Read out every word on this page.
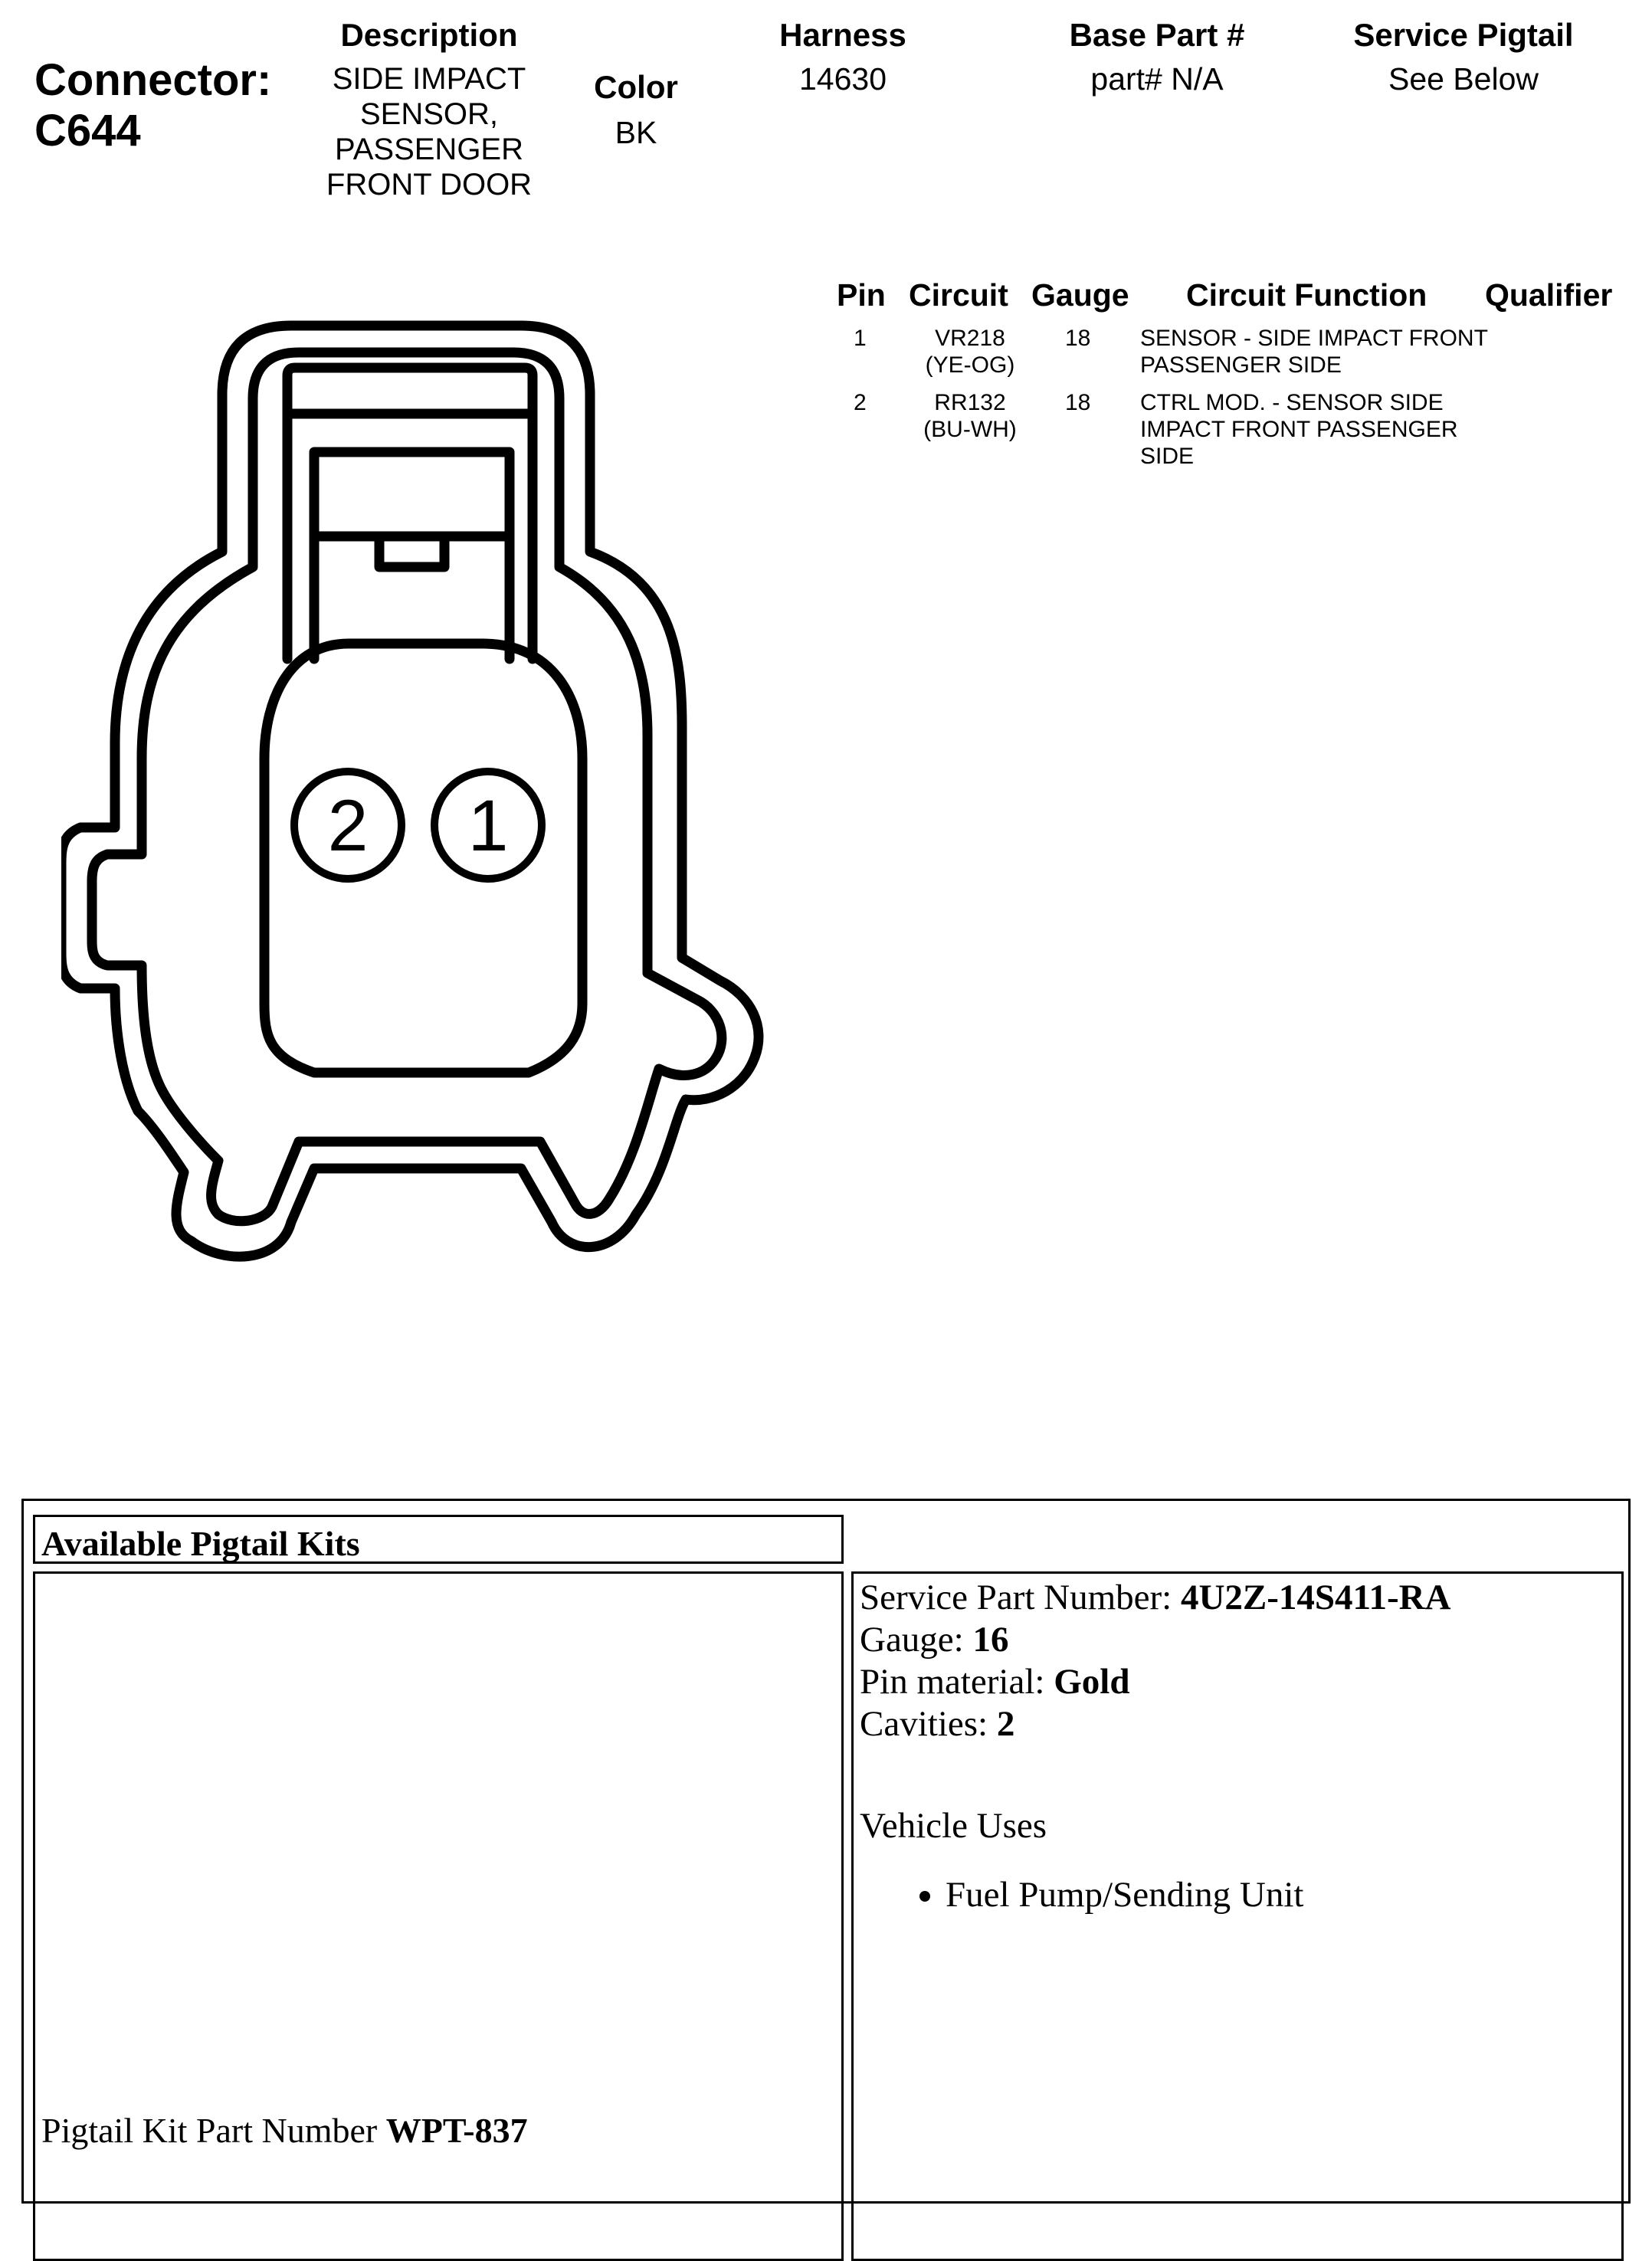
Connector:
C644
Description
SIDE IMPACT
SENSOR,
PASSENGER
FRONT DOOR
Color
BK
Harness
14630
Base Part #
part# N/A
Service Pigtail
See Below
2 1
Pin Circuit Gauge Circuit Function Qualifier
1	VR218
(YE-OG)
18 SENSOR - SIDE IMPACT FRONT PASSENGER SIDE
2	RR132
(BU-WH)
18 CTRL MOD. - SENSOR SIDE IMPACT FRONT PASSENGER SIDE
Available Pigtail Kits
Pigtail Kit Part Number WPT-837
Service Part Number: 4U2Z-14S411-RA
Gauge: 16
Pin material: Gold
Cavities: 2
Vehicle Uses
• Fuel Pump/Sending Unit
